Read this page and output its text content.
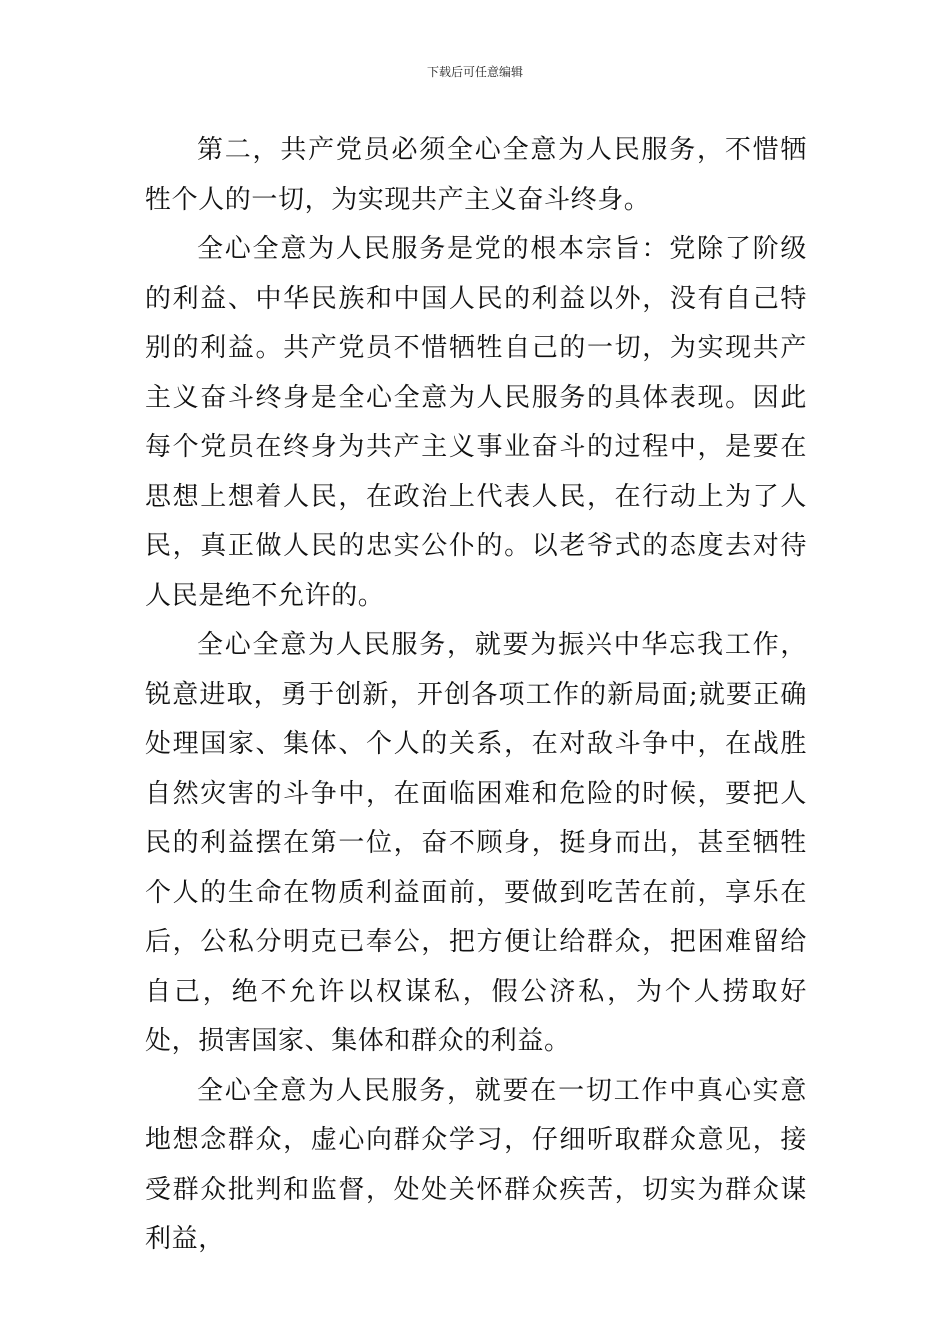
下载后可任意编辑

第二，共产党员必须全心全意为人民服务，不惜牺牲个人的一切，为实现共产主义奋斗终身。

全心全意为人民服务是党的根本宗旨：党除了阶级的利益、中华民族和中国人民的利益以外，没有自己特别的利益。共产党员不惜牺牲自己的一切，为实现共产主义奋斗终身是全心全意为人民服务的具体表现。因此每个党员在终身为共产主义事业奋斗的过程中，是要在思想上想着人民，在政治上代表人民，在行动上为了人民，真正做人民的忠实公仆的。以老爷式的态度去对待人民是绝不允许的。

全心全意为人民服务，就要为振兴中华忘我工作，锐意进取，勇于创新，开创各项工作的新局面;就要正确处理国家、集体、个人的关系，在对敌斗争中，在战胜自然灾害的斗争中，在面临困难和危险的时候，要把人民的利益摆在第一位，奋不顾身，挺身而出，甚至牺牲个人的生命在物质利益面前，要做到吃苦在前，享乐在后，公私分明克已奉公，把方便让给群众，把困难留给自己，绝不允许以权谋私，假公济私，为个人捞取好处，损害国家、集体和群众的利益。

全心全意为人民服务，就要在一切工作中真心实意地想念群众，虚心向群众学习，仔细听取群众意见，接受群众批判和监督，处处关怀群众疾苦，切实为群众谋利益，
